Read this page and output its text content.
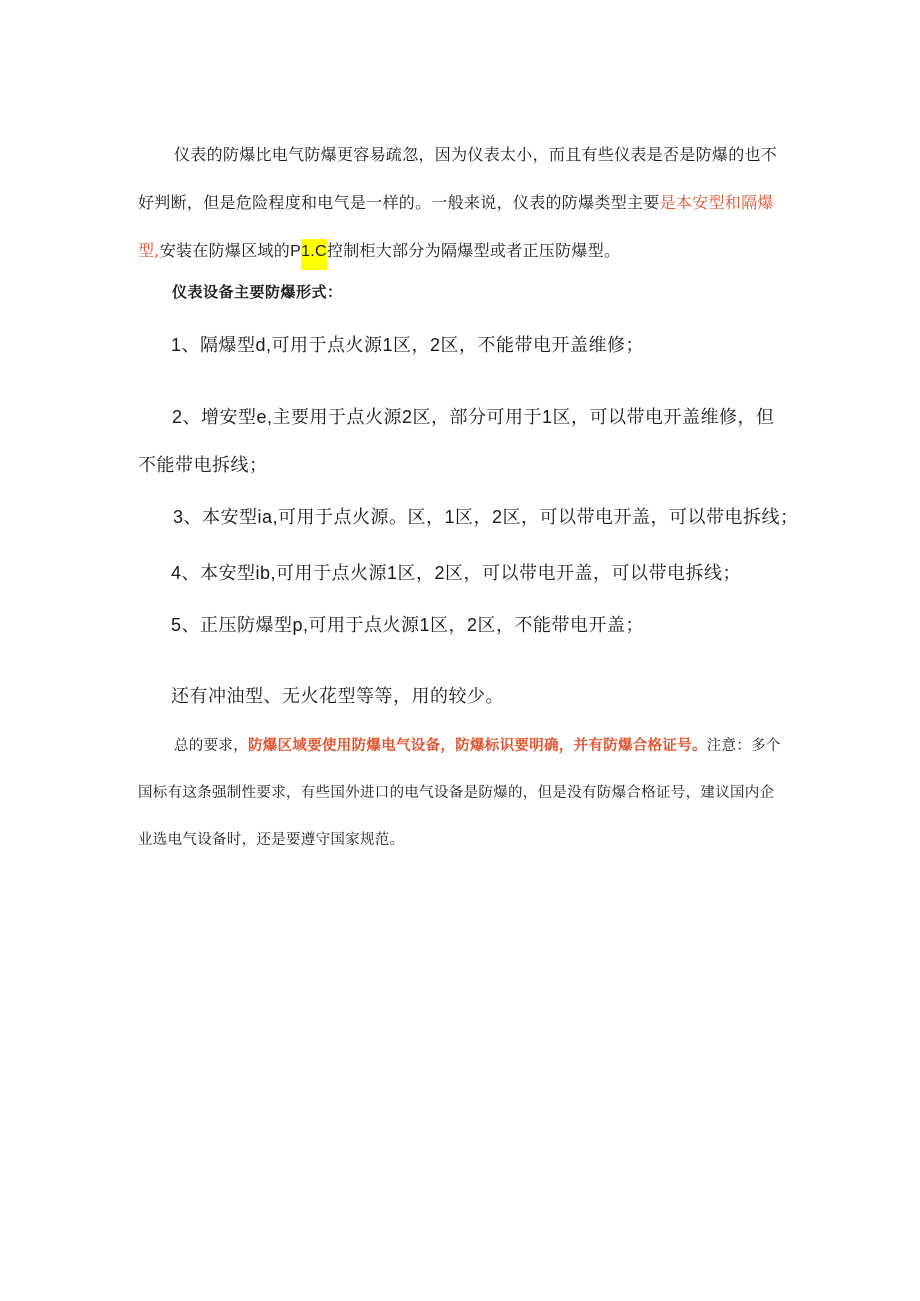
仪表的防爆比电气防爆更容易疏忽，因为仪表太小，而且有些仪表是否是防爆的也不好判断，但是危险程度和电气是一样的。一般来说，仪表的防爆类型主要是本安型和隔爆型,安装在防爆区域的P1.C控制柜大部分为隔爆型或者正压防爆型。

仪表设备主要防爆形式：
1、隔爆型d,可用于点火源1区，2区，不能带电开盖维修；
2、增安型e,主要用于点火源2区，部分可用于1区，可以带电开盖维修，但不能带电拆线；
3、本安型ia,可用于点火源。区，1区，2区，可以带电开盖，可以带电拆线；
4、本安型ib,可用于点火源1区，2区，可以带电开盖，可以带电拆线；
5、正压防爆型p,可用于点火源1区，2区，不能带电开盖；
还有冲油型、无火花型等等，用的较少。

总的要求，防爆区域要使用防爆电气设备，防爆标识要明确，并有防爆合格证号。注意：多个国标有这条强制性要求，有些国外进口的电气设备是防爆的，但是没有防爆合格证号，建议国内企业选电气设备时，还是要遵守国家规范。
